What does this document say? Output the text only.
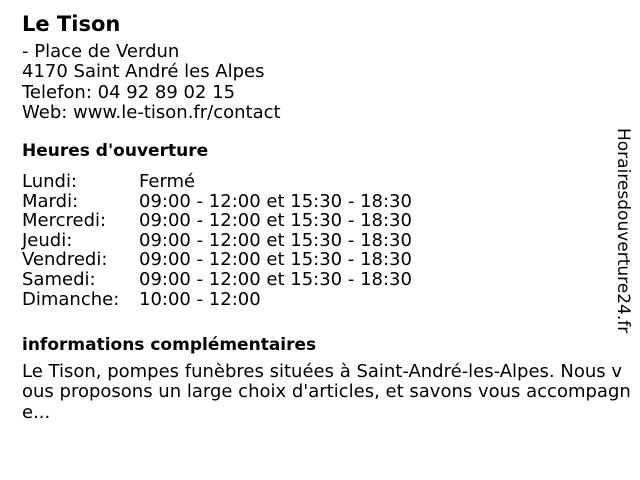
Le Tison
- Place de Verdun
4170 Saint André les Alpes
Telefon: 04 92 89 02 15
Web: www.le-tison.fr/contact
Heures d'ouverture
Lundi:	Fermé
Mardi:	09:00 - 12:00 et 15:30 - 18:30
Mercredi:	09:00 - 12:00 et 15:30 - 18:30
Jeudi:	09:00 - 12:00 et 15:30 - 18:30
Vendredi:	09:00 - 12:00 et 15:30 - 18:30
Samedi:	09:00 - 12:00 et 15:30 - 18:30
Dimanche:	10:00 - 12:00
informations complémentaires

Le Tison, pompes funèbres situées à Saint-André-les-Alpes. Nous vous proposons un large choix d'articles, et savons vous accompagne...

Horairesdouverture24.fr
